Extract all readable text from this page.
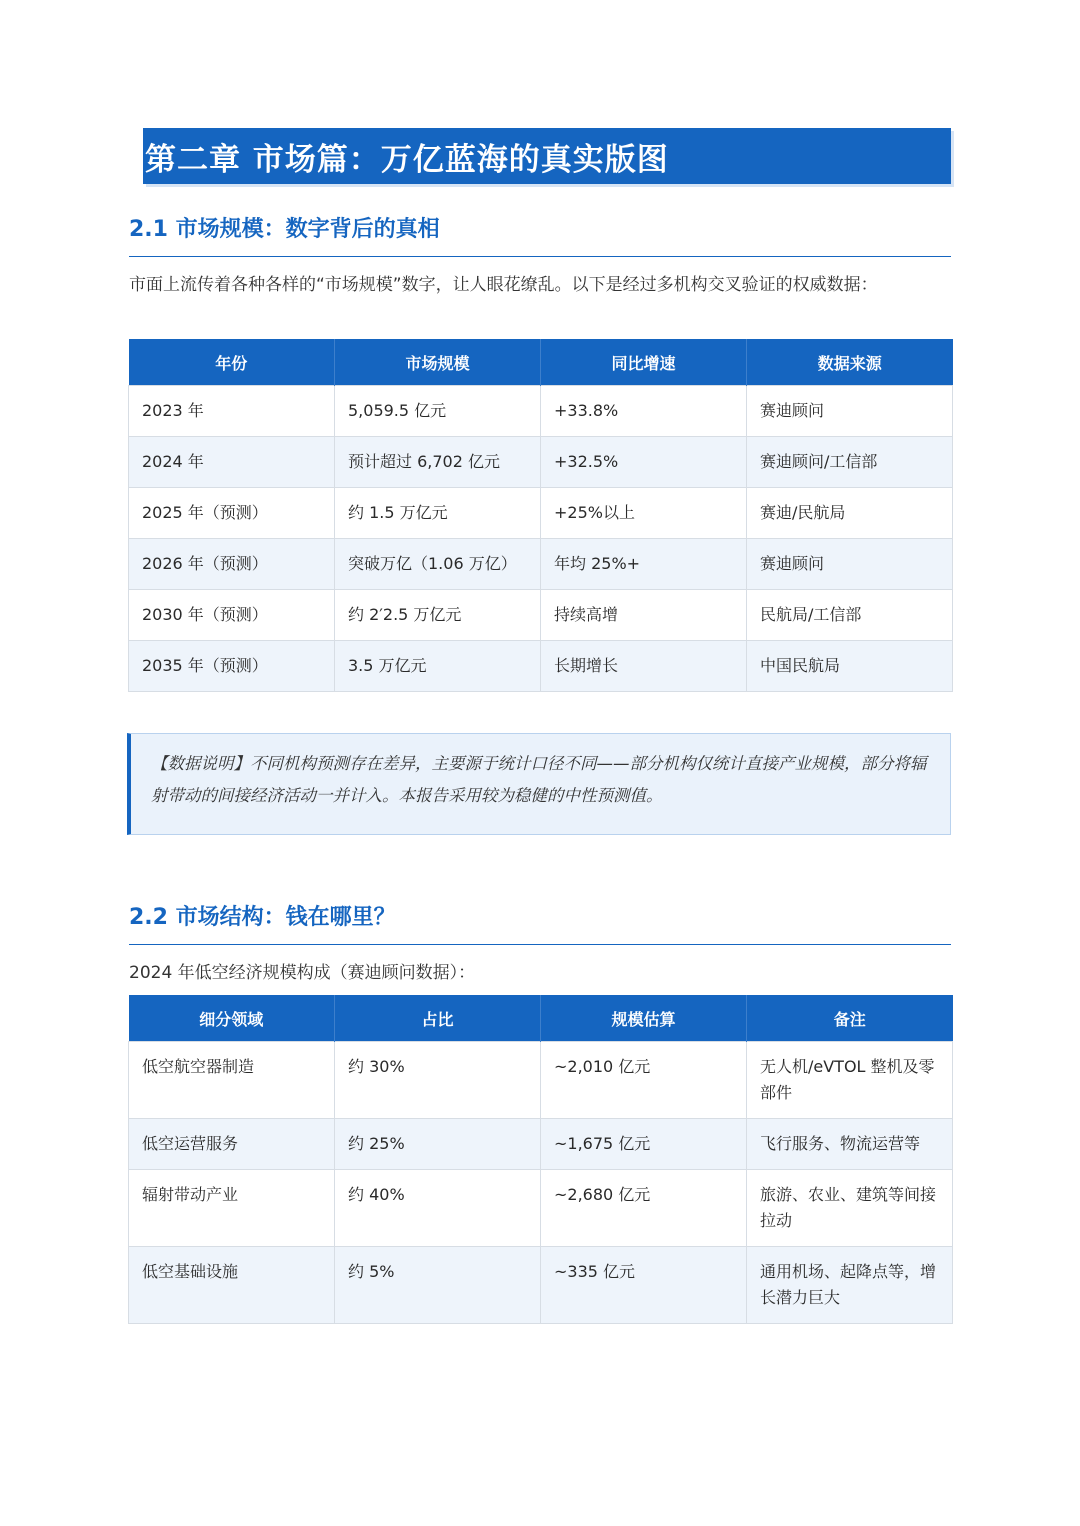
第二章 市场篇：万亿蓝海的真实版图
2.1 市场规模：数字背后的真相
市面上流传着各种各样的“市场规模”数字，让人眼花缭乱。以下是经过多机构交叉验证的权威数据：
年份	市场规模	同比增速	数据来源
2023 年	5,059.5 亿元	+33.8%	赛迪顾问
2024 年	预计超过 6,702 亿元	+32.5%	赛迪顾问/工信部
2025 年（预测）	约 1.5 万亿元	+25%以上	赛迪/民航局
2026 年（预测）	突破万亿（1.06 万亿）	年均 25%+	赛迪顾问
2030 年（预测）	约 2′2.5 万亿元	持续高增	民航局/工信部
2035 年（预测）	3.5 万亿元	长期增长	中国民航局
【数据说明】不同机构预测存在差异，主要源于统计口径不同——部分机构仅统计直接产业规模，部分将辐射带动的间接经济活动一并计入。本报告采用较为稳健的中性预测值。
2.2 市场结构：钱在哪里？
2024 年低空经济规模构成（赛迪顾问数据）：
细分领域	占比	规模估算	备注
低空航空器制造	约 30%	~2,010 亿元	无人机/eVTOL 整机及零部件
低空运营服务	约 25%	~1,675 亿元	飞行服务、物流运营等
辐射带动产业	约 40%	~2,680 亿元	旅游、农业、建筑等间接拉动
低空基础设施	约 5%	~335 亿元	通用机场、起降点等，增长潜力巨大
